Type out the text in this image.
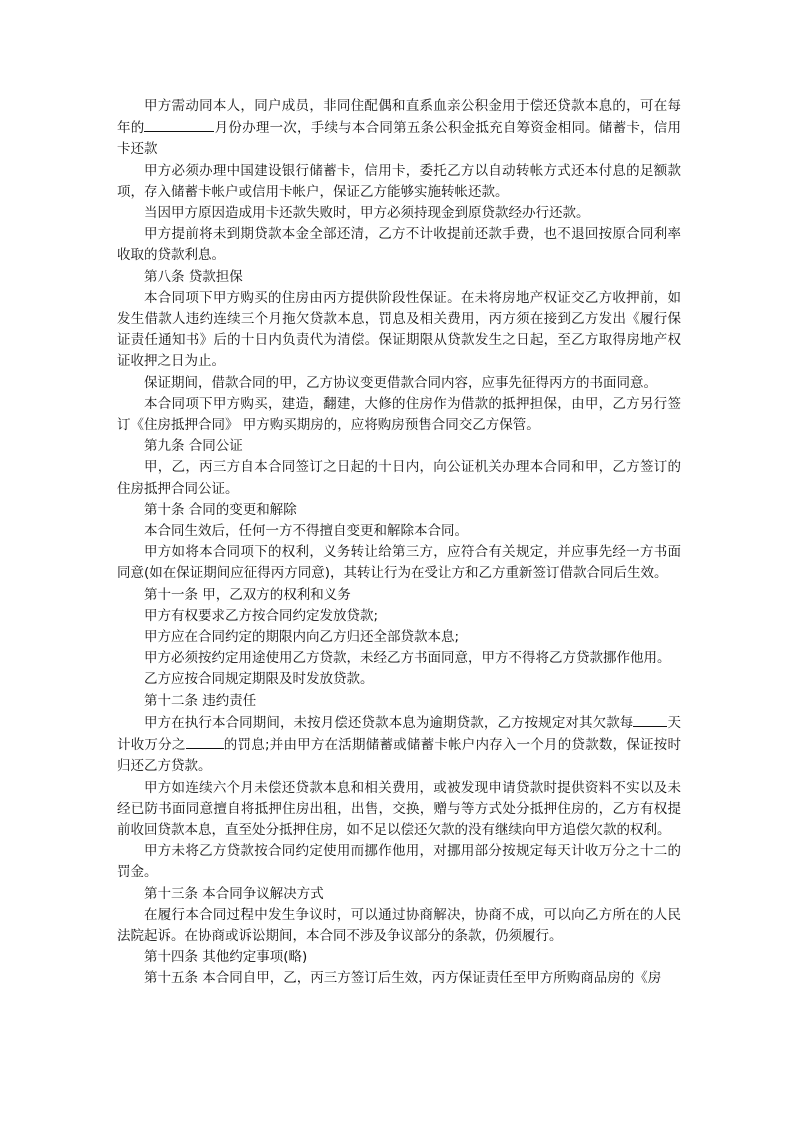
甲方需动同本人，同户成员，非同住配偶和直系血亲公积金用于偿还贷款本息的，可在每年的	月份办理一次，手续与本合同第五条公积金抵充自筹资金相同。储蓄卡，信用卡还款

甲方必须办理中国建设银行储蓄卡，信用卡，委托乙方以自动转帐方式还本付息的足额款项，存入储蓄卡帐户或信用卡帐户，保证乙方能够实施转帐还款。

当因甲方原因造成用卡还款失败时，甲方必须持现金到原贷款经办行还款。

甲方提前将未到期贷款本金全部还清，乙方不计收提前还款手费，也不退回按原合同利率收取的贷款利息。

第八条 贷款担保

本合同项下甲方购买的住房由丙方提供阶段性保证。在未将房地产权证交乙方收押前，如发生借款人违约连续三个月拖欠贷款本息，罚息及相关费用，丙方须在接到乙方发出《履行保证责任通知书》后的十日内负责代为清偿。保证期限从贷款发生之日起，至乙方取得房地产权证收押之日为止。

保证期间，借款合同的甲，乙方协议变更借款合同内容，应事先征得丙方的书面同意。

本合同项下甲方购买，建造，翻建，大修的住房作为借款的抵押担保，由甲，乙方另行签订《住房抵押合同》 甲方购买期房的，应将购房预售合同交乙方保管。

第九条 合同公证

甲，乙，丙三方自本合同签订之日起的十日内，向公证机关办理本合同和甲，乙方签订的住房抵押合同公证。

第十条 合同的变更和解除

本合同生效后，任何一方不得擅自变更和解除本合同。

甲方如将本合同项下的权利，义务转让给第三方，应符合有关规定，并应事先经一方书面同意(如在保证期间应征得丙方同意)，其转让行为在受让方和乙方重新签订借款合同后生效。

第十一条 甲，乙双方的权利和义务

甲方有权要求乙方按合同约定发放贷款;

甲方应在合同约定的期限内向乙方归还全部贷款本息;

甲方必须按约定用途使用乙方贷款，未经乙方书面同意，甲方不得将乙方贷款挪作他用。

乙方应按合同规定期限及时发放贷款。

第十二条 违约责任

甲方在执行本合同期间，未按月偿还贷款本息为逾期贷款，乙方按规定对其欠款每	天计收万分之	的罚息;并由甲方在活期储蓄或储蓄卡帐户内存入一个月的贷款数，保证按时归还乙方贷款。

甲方如连续六个月未偿还贷款本息和相关费用，或被发现申请贷款时提供资料不实以及未经已防书面同意擅自将抵押住房出租，出售，交换，赠与等方式处分抵押住房的，乙方有权提前收回贷款本息，直至处分抵押住房，如不足以偿还欠款的没有继续向甲方追偿欠款的权利。

甲方未将乙方贷款按合同约定使用而挪作他用，对挪用部分按规定每天计收万分之十二的罚金。

第十三条 本合同争议解决方式

在履行本合同过程中发生争议时，可以通过协商解决，协商不成，可以向乙方所在的人民法院起诉。在协商或诉讼期间，本合同不涉及争议部分的条款，仍须履行。

第十四条 其他约定事项(略)

第十五条 本合同自甲，乙，丙三方签订后生效，丙方保证责任至甲方所购商品房的《房
